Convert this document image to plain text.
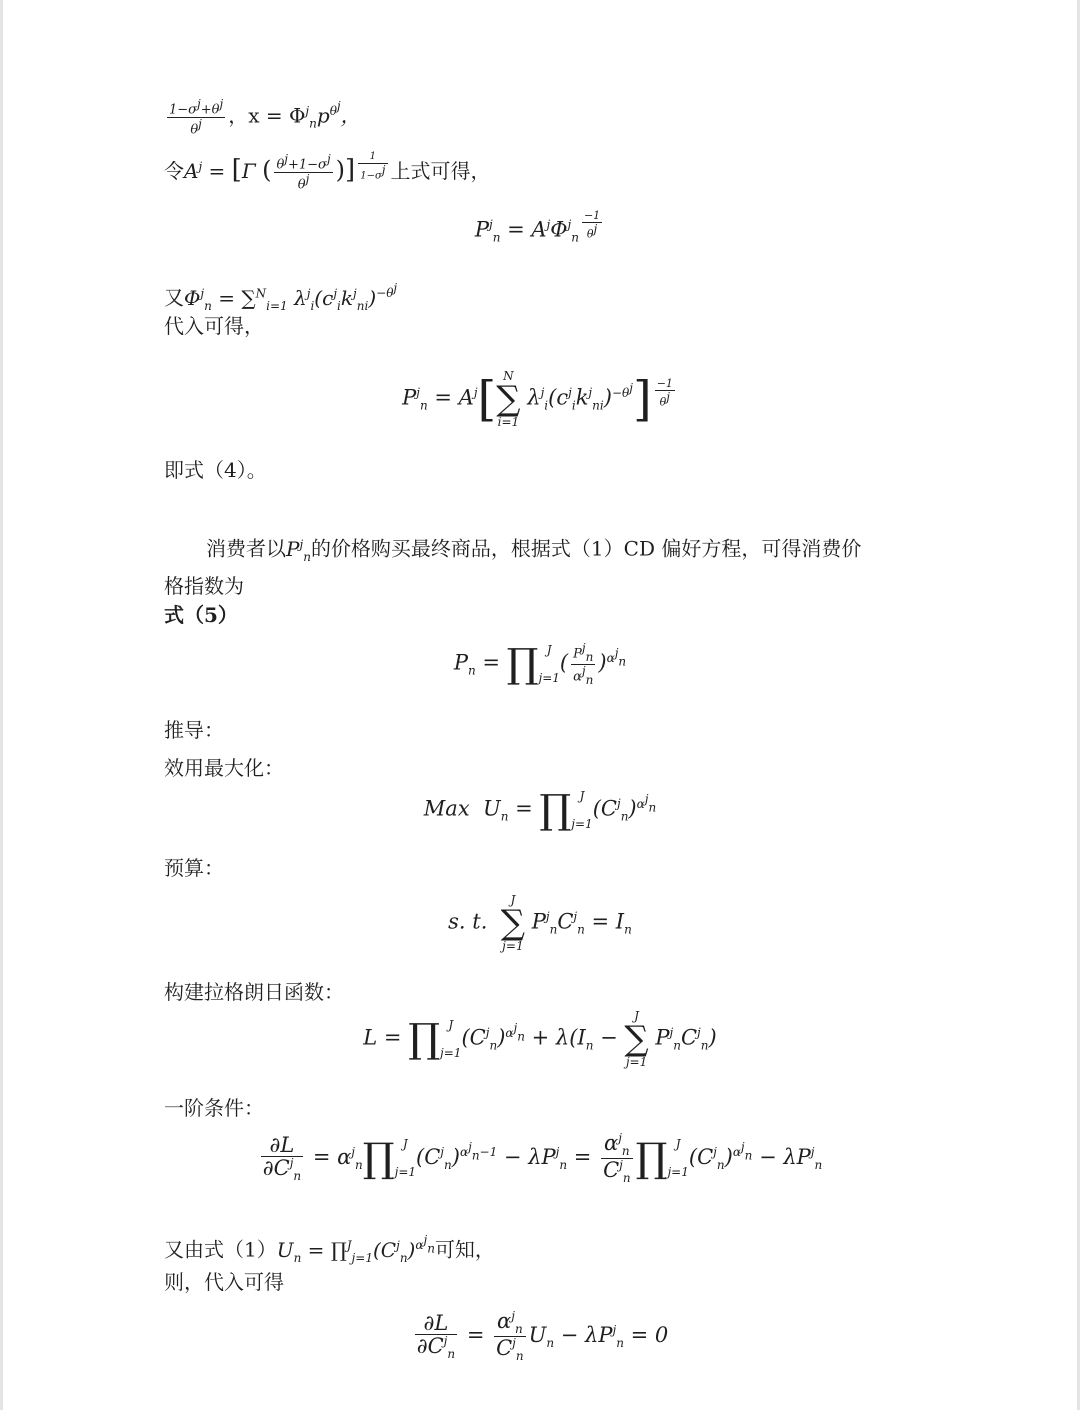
$\frac{1-\sigma^j+\theta^j}{\theta^j}$ ，$x = \Phi^j_np^{\theta^j}$，
令$A^j = [\Gamma$ ( $\frac{\theta^j+1-\sigma^j}{\theta^j}$ )] $^{\frac{1}{1-\sigma^j}}$ 上式可得，
$P^j_n = A^j\Phi^j_n$ $^{\frac{-1}{\theta^j}}$
又$\Phi^j_n = \sum^N_{i=1}$ $\lambda^j_i(c^j_ik^j_{ni})^{-\theta^j}$
代入可得，
$P^j_n = A^j$[ N
∑
i=1
$\lambda^j_i(c^j_ik^j_{ni})^{-\theta^j}$] $^{\frac{-1}{\theta^j}}$
即式（4）。
消费者以$P^j_n$的价格购买最终商品，根据式（1）CD 偏好方程，可得消费价
格指数为
式（5）
$P_n$ = ∏ J
j=1
( $\frac{P^j_n}{\alpha^j_n} )^{\alpha^j_n}$
推导：
效用最大化：
Max  $U_n$ = ∏ J
j=1
$(C^j_n)^{\alpha^j_n}$
预算：
s. t.
J
∑
j=1
$P^j_nC^j_n = I_n$
构建拉格朗日函数：
L = ∏ J
j=1
$(C^j_n)^{\alpha^j_n} + \lambda(I_n$ −
J
∑
j=1
$P^j_nC^j_n$)
一阶条件：
$\frac{\partial L}{\partial C^j_n}$ = $\alpha^j_n\prod$ J
j=1
$(C^j_n)^{\alpha^j_n-1} - \lambda P^j_n = \frac{\alpha^j_n}{C^j_n}$ ∏ J
j=1
$(C^j_n)^{\alpha^j_n} - \lambda P^j_n$
又由式$(1)U_n$ = $\prod^J_{j=1}(C^j_n)^{\alpha^j_n}$可知，
则，代入可得
$\frac{\partial L}{\partial C^j_n} = \frac{\alpha^j_n}{C^j_n} U_n - \lambda P^j_n = 0$
